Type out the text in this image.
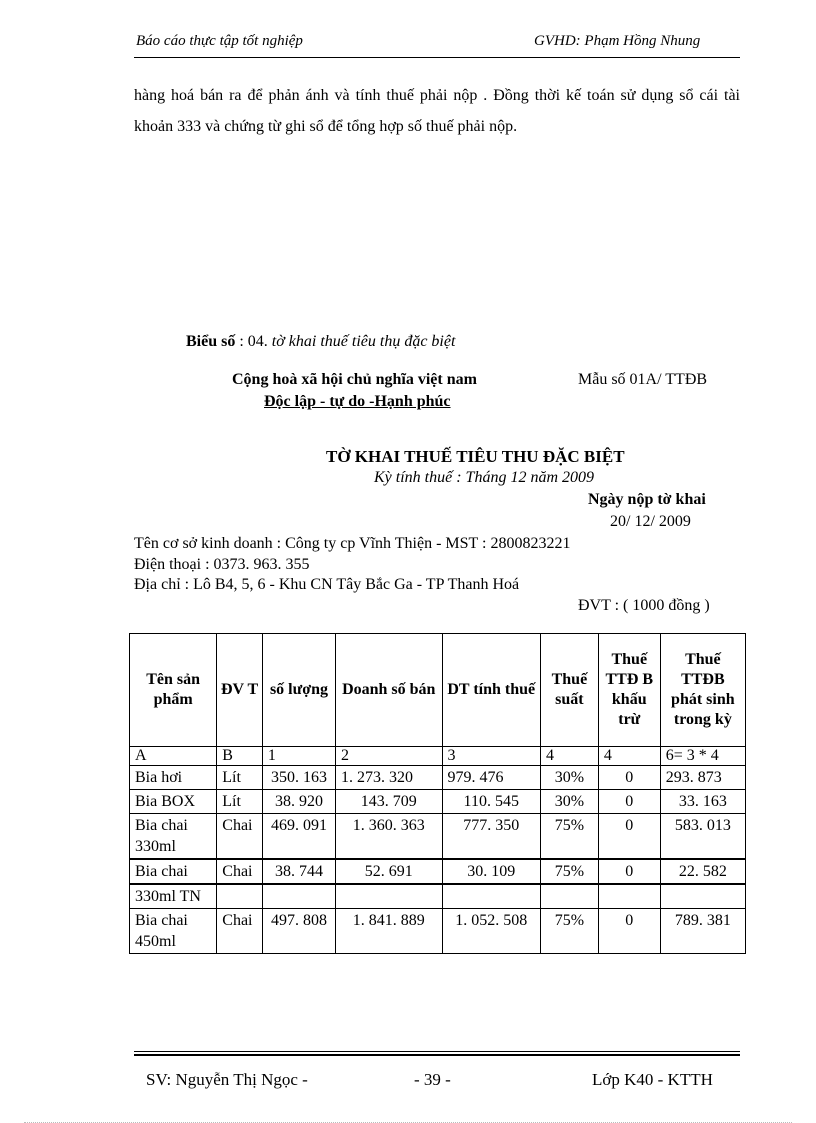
Báo cáo thực tập tốt nghiệp	GVHD: Phạm Hồng Nhung
hàng hoá bán ra để phản ánh và tính thuế phải nộp . Đồng thời kế toán sử dụng sổ cái tài khoản 333 và chứng từ ghi sổ để tổng hợp số thuế phải nộp.
Biểu số : 04. tờ khai thuế tiêu thụ đặc biệt
Cộng hoà xã hội chủ nghĩa việt nam	Mẫu số 01A/ TTĐB
Độc lập - tự do -Hạnh phúc
TỜ KHAI THUẾ TIÊU THU ĐẶC BIỆT
Kỳ tính thuế : Tháng 12 năm 2009
Ngày nộp tờ khai
20/ 12/ 2009
Tên cơ sở kinh doanh : Công ty cp Vĩnh Thiện - MST : 2800823221
Điện thoại : 0373. 963. 355
Địa chỉ : Lô B4, 5, 6 - Khu CN Tây Bắc Ga - TP Thanh Hoá
ĐVT : ( 1000 đồng )
Tên sản phẩm	ĐV T	số lượng	Doanh số bán	DT tính thuế	Thuế suất	Thuế TTĐ B khấu trừ	Thuế TTĐB phát sinh trong kỳ
A	B	1	2	3	4	4	6= 3 * 4
Bia hơi	Lít	350. 163	1. 273. 320	979. 476	30%	0	293. 873
Bia BOX	Lít	38. 920	143. 709	110. 545	30%	0	33. 163
Bia chai 330ml	Chai	469. 091	1. 360. 363	777. 350	75%	0	583. 013
Bia chai	Chai	38. 744	52. 691	30. 109	75%	0	22. 582
330ml TN							
Bia chai 450ml	Chai	497. 808	1. 841. 889	1. 052. 508	75%	0	789. 381
SV: Nguyễn Thị Ngọc -	- 39 -	Lớp K40 - KTTH
